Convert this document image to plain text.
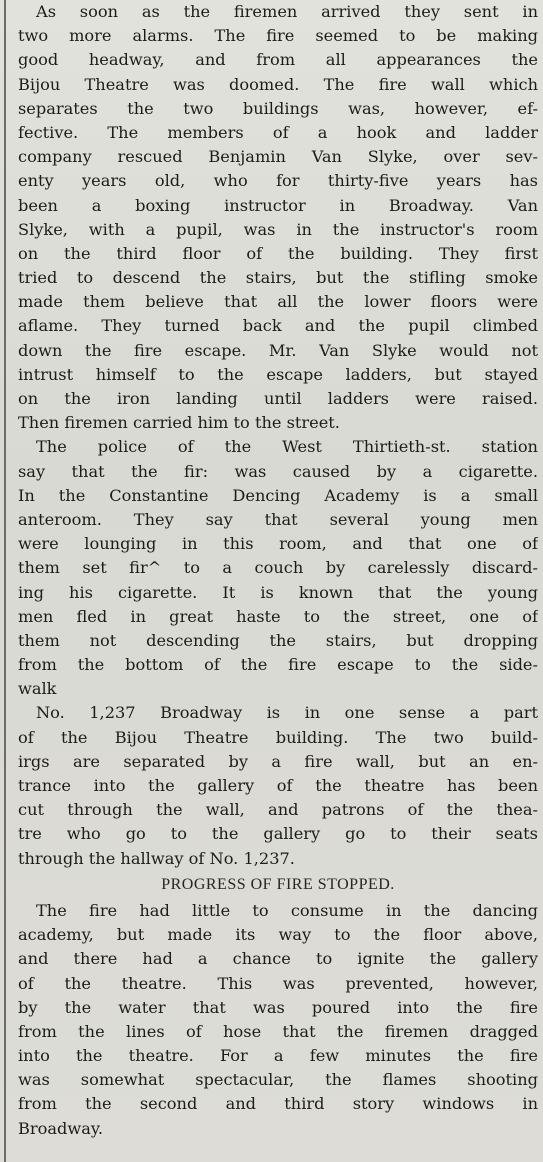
As soon as the firemen arrived they sent in
two more alarms. The fire seemed to be making
good headway, and from all appearances the
Bijou Theatre was doomed. The fire wall which
separates the two buildings was, however, ef-
fective. The members of a hook and ladder
company rescued Benjamin Van Slyke, over sev-
enty years old, who for thirty-five years has
been a boxing instructor in Broadway. Van
Slyke, with a pupil, was in the instructor's room
on the third floor of the building. They first
tried to descend the stairs, but the stifling smoke
made them believe that all the lower floors were
aflame. They turned back and the pupil climbed
down the fire escape. Mr. Van Slyke would not
intrust himself to the escape ladders, but stayed
on the iron landing until ladders were raised.
Then firemen carried him to the street.
The police of the West Thirtieth-st. station
say that the fir: was caused by a cigarette.
In the Constantine Dencing Academy is a small
anteroom. They say that several young men
were lounging in this room, and that one of
them set fir^ to a couch by carelessly discard-
ing his cigarette. It is known that the young
men fled in great haste to the street, one of
them not descending the stairs, but dropping
from the bottom of the fire escape to the side-
walk
No. 1,237 Broadway is in one sense a part
of the Bijou Theatre building. The two build-
irgs are separated by a fire wall, but an en-
trance into the gallery of the theatre has been
cut through the wall, and patrons of the thea-
tre who go to the gallery go to their seats
through the hallway of No. 1,237.
PROGRESS OF FIRE STOPPED.
The fire had little to consume in the dancing
academy, but made its way to the floor above,
and there had a chance to ignite the gallery
of the theatre. This was prevented, however,
by the water that was poured into the fire
from the lines of hose that the firemen dragged
into the theatre. For a few minutes the fire
was somewhat spectacular, the flames shooting
from the second and third story windows in
Broadway.
